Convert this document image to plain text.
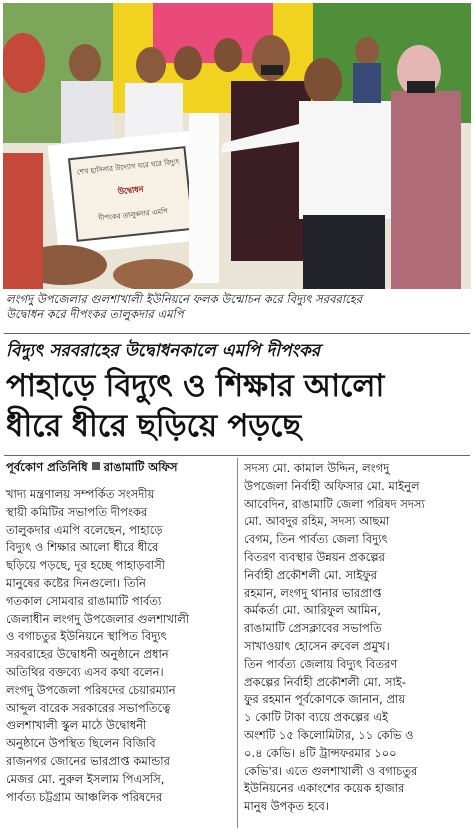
শেখ হাসিনার উদ্যোগ ঘরে ঘরে বিদ্যুৎ
উদ্বোধন
দীপংকর তালুকদার এমপি
লংগদু উপজেলার গুলশাখালী ইউনিয়নে ফলক উন্মোচন করে বিদ্যুৎ সরবরাহের
উদ্বোধন করে দীপংকর তালুকদার এমপি
বিদ্যুৎ সরবরাহের উদ্বোধনকালে এমপি দীপংকর
পাহাড়ে বিদ্যুৎ ও শিক্ষার আলো
ধীরে ধীরে ছড়িয়ে পড়ছে
পূর্বকোণ প্রতিনিধি রাঙামাটি অফিস
খাদ্য মন্ত্রণালয় সম্পর্কিত সংসদীয়
স্থায়ী কমিটির সভাপতি দীপংকর
তালুকদার এমপি বলেছেন, পাহাড়ে
বিদ্যুৎ ও শিক্ষার আলো ধীরে ধীরে
ছড়িয়ে পড়ছে, দূর হচ্ছে পাহাড়বাসী
মানুষের কষ্টের দিনগুলো। তিনি
গতকাল সোমবার রাঙামাটি পার্বত্য
জেলাধীন লংগদু উপজেলার গুলশাখালী
ও বগাচতুর ইউনিয়নে স্থাপিত বিদ্যুৎ
সরবরাহের উদ্বোধনী অনুষ্ঠানে প্রধান
অতিথির বক্তব্যে এসব কথা বলেন।
লংগদু উপজেলা পরিষদের চেয়ারম্যান
আব্দুল বারেক সরকারের সভাপতিত্বে
গুলশাখালী স্কুল মাঠে উদ্বোধনী
অনুষ্ঠানে উপস্থিত ছিলেন বিজিবি
রাজনগর জোনের ভারপ্রাপ্ত কমান্ডার
মেজর মো. নুরুল ইসলাম পিএসসি,
পার্বত্য চট্টগ্রাম আঞ্চলিক পরিষদের
সদস্য মো. কামাল উদ্দিন, লংগদু
উপজেলা নির্বাহী অফিসার মো. মাইনুল
আবেদিন, রাঙামাটি জেলা পরিষদ সদস্য
মো. আবদুর রহিম, সদস্য আছমা
বেগম, তিন পার্বত্য জেলা বিদ্যুৎ
বিতরণ ব্যবস্থার উন্নয়ন প্রকল্পের
নির্বাহী প্রকৌশলী মো. সাইফুর
রহমান, লংগদু থানার ভারপ্রাপ্ত
কর্মকর্তা মো. আরিফুল আমিন,
রাঙামাটি প্রেসক্লাবের সভাপতি
সাখাওয়াৎ হোসেন রুবেল প্রমুখ।
তিন পার্বত্য জেলায় বিদ্যুৎ বিতরণ
প্রকল্পের নির্বাহী প্রকৌশলী মো. সাই-
ফুর রহমান পূর্বকোণকে জানান, প্রায়
১ কোটি টাকা ব্যয়ে প্রকল্পের এই
অংশটি ১৫ কিলোমিটার, ১১ কেভি ও
০.৪ কেভি। ৪টি ট্রান্সফরমার ১০০
কেভি'র। এতে গুলশাখালী ও বগাচতুর
ইউনিয়নের একাংশের কয়েক হাজার
মানুষ উপকৃত হবে।
